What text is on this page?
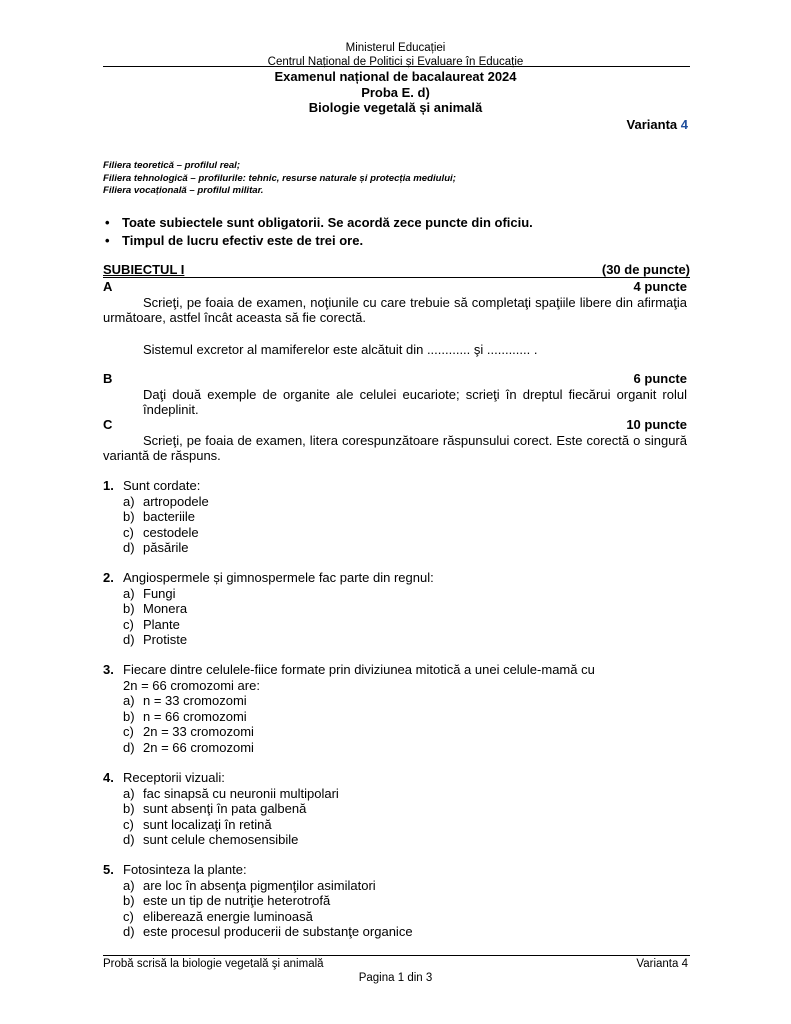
Ministerul Educației
Centrul Național de Politici și Evaluare în Educație
Examenul național de bacalaureat 2024
Proba E. d)
Biologie vegetală și animală
Varianta 4
Filiera teoretică – profilul real;
Filiera tehnologică – profilurile: tehnic, resurse naturale și protecția mediului;
Filiera vocațională – profilul militar.
• Toate subiectele sunt obligatorii. Se acordă zece puncte din oficiu.
• Timpul de lucru efectiv este de trei ore.
SUBIECTUL I	(30 de puncte)
A	4 puncte
Scrieţi, pe foaia de examen, noţiunile cu care trebuie să completaţi spaţiile libere din afirmaţia următoare, astfel încât aceasta să fie corectă.
Sistemul excretor al mamiferelor este alcătuit din ............ şi ............ .
B	6 puncte
Daţi două exemple de organite ale celulei eucariote; scrieţi în dreptul fiecărui organit rolul îndeplinit.
C	10 puncte
Scrieţi, pe foaia de examen, litera corespunzătoare răspunsului corect. Este corectă o singură variantă de răspuns.
1. Sunt cordate:
a) artropodele
b) bacteriile
c) cestodele
d) păsările
2. Angiospermele și gimnospermele fac parte din regnul:
a) Fungi
b) Monera
c) Plante
d) Protiste
3. Fiecare dintre celulele-fiice formate prin diviziunea mitotică a unei celule-mamă cu
2n = 66 cromozomi are:
a) n = 33 cromozomi
b) n = 66 cromozomi
c) 2n = 33 cromozomi
d) 2n = 66 cromozomi
4. Receptorii vizuali:
a) fac sinapsă cu neuronii multipolari
b) sunt absenţi în pata galbenă
c) sunt localizaţi în retină
d) sunt celule chemosensibile
5. Fotosinteza la plante:
a) are loc în absenţa pigmenţilor asimilatori
b) este un tip de nutriţie heterotrofă
c) eliberează energie luminoasă
d) este procesul producerii de substanţe organice
Probă scrisă la biologie vegetală şi animală	Varianta 4
Pagina 1 din 3
